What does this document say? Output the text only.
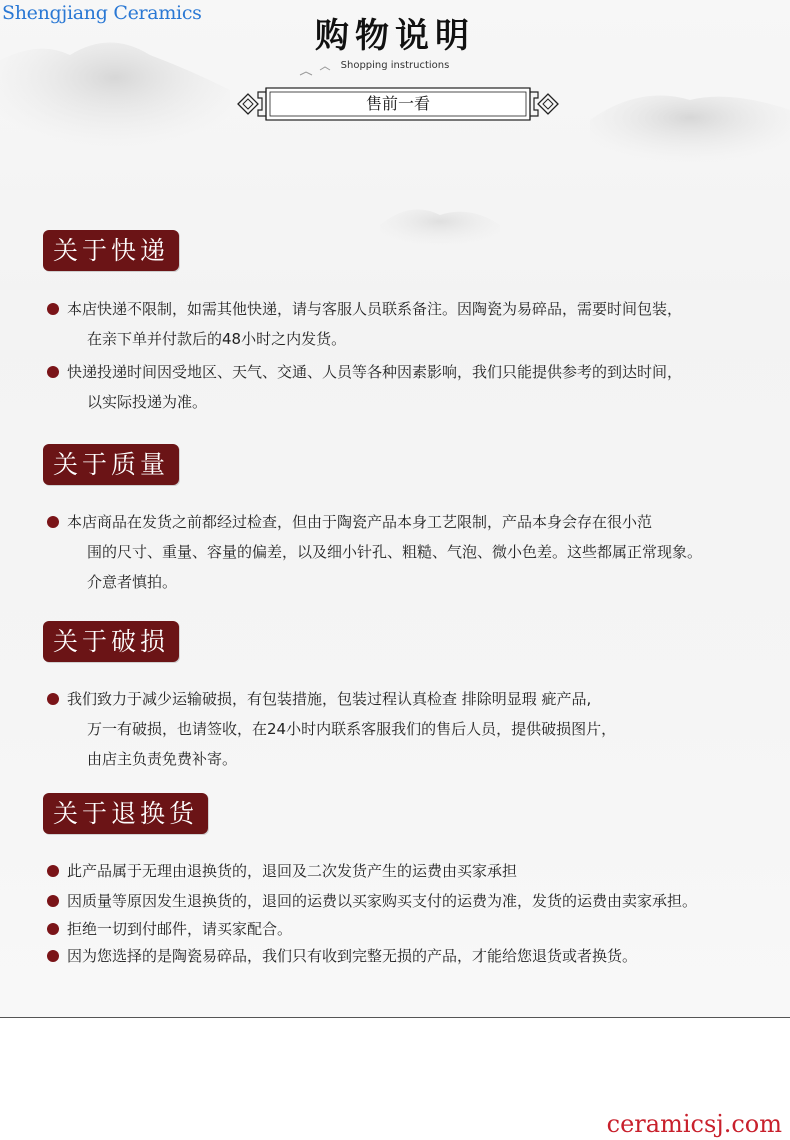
Shengjiang Ceramics
ceramicsj.com
购物说明
Shopping instructions
售前一看
关于快递
本店快递不限制，如需其他快递，请与客服人员联系备注。因陶瓷为易碎品，需要时间包装，
在亲下单并付款后的48小时之内发货。
快递投递时间因受地区、天气、交通、人员等各种因素影响，我们只能提供参考的到达时间，
以实际投递为准。
关于质量
本店商品在发货之前都经过检查，但由于陶瓷产品本身工艺限制，产品本身会存在很小范
围的尺寸、重量、容量的偏差，以及细小针孔、粗糙、气泡、微小色差。这些都属正常现象。
介意者慎拍。
关于破损
我们致力于减少运输破损，有包装措施，包装过程认真检查 排除明显瑕 疵产品,
万一有破损，也请签收，在24小时内联系客服我们的售后人员，提供破损图片，
由店主负责免费补寄。
关于退换货
此产品属于无理由退换货的，退回及二次发货产生的运费由买家承担
因质量等原因发生退换货的，退回的运费以买家购买支付的运费为准，发货的运费由卖家承担。
拒绝一切到付邮件，请买家配合。
因为您选择的是陶瓷易碎品，我们只有收到完整无损的产品，才能给您退货或者换货。
